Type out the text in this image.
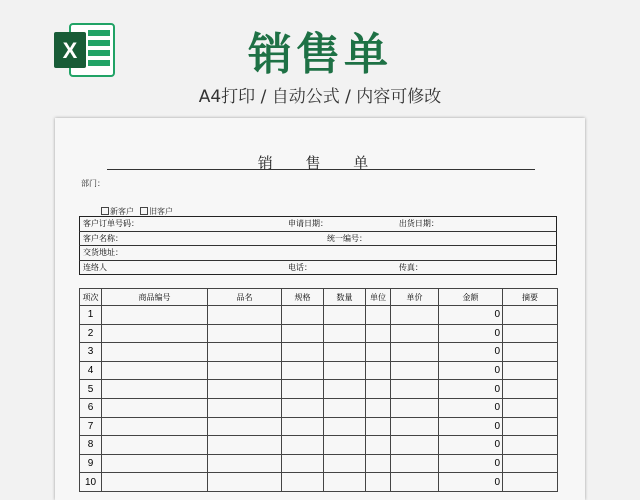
X	销售单
A4打印 / 自动公式 / 内容可修改
销 售 单
部门：
新客户	旧客户
客户订单号码：	申请日期：	出货日期：
客户名称：	统一编号：	
交货地址：		
连络人	电话：	传真：
项次	商品编号	品名	规格	数量	单位	单价	金额	摘要
1							0	
2							0	
3							0	
4							0	
5							0	
6							0	
7							0	
8							0	
9							0	
10							0	
